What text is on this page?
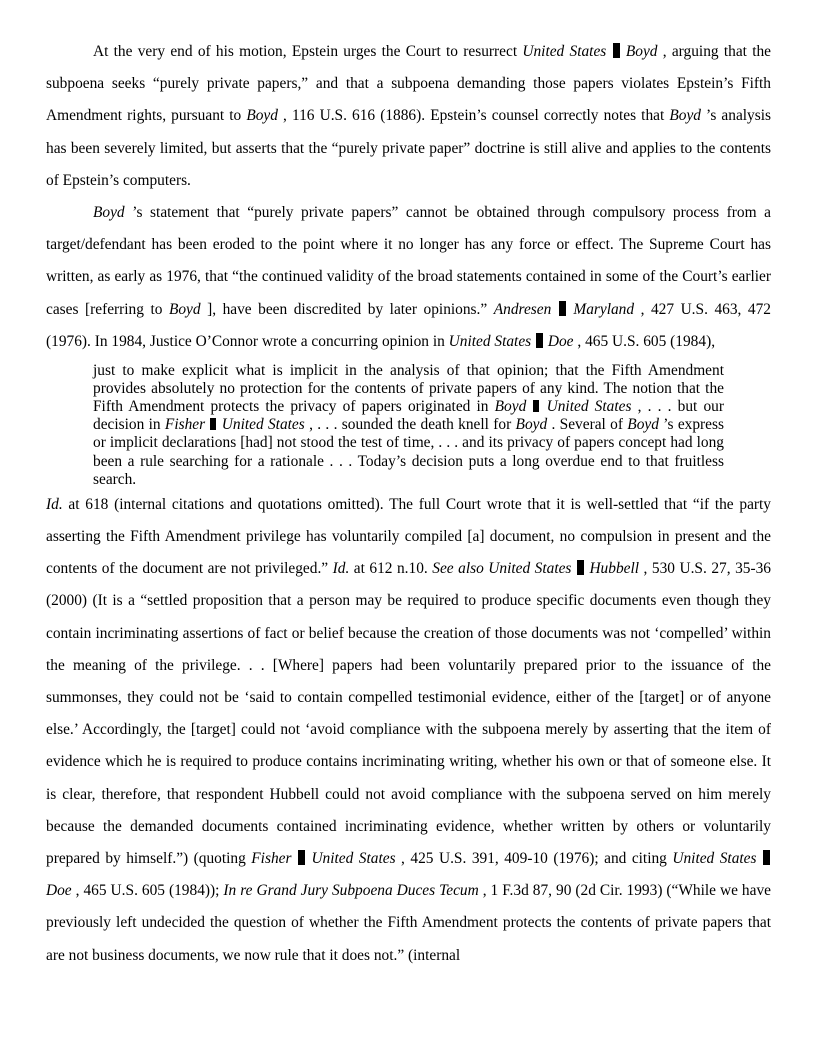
At the very end of his motion, Epstein urges the Court to resurrect United States Boyd , arguing that the subpoena seeks “purely private papers,” and that a subpoena demanding those papers violates Epstein’s Fifth Amendment rights, pursuant to Boyd , 116 U.S. 616 (1886). Epstein’s counsel correctly notes that Boyd ’s analysis has been severely limited, but asserts that the “purely private paper” doctrine is still alive and applies to the contents of Epstein’s computers.

Boyd ’s statement that “purely private papers” cannot be obtained through compulsory process from a target/defendant has been eroded to the point where it no longer has any force or effect. The Supreme Court has written, as early as 1976, that “the continued validity of the broad statements contained in some of the Court’s earlier cases [referring to Boyd ], have been discredited by later opinions.” Andresen Maryland , 427 U.S. 463, 472 (1976). In 1984, Justice O’Connor wrote a concurring opinion in United States Doe , 465 U.S. 605 (1984),

just to make explicit what is implicit in the analysis of that opinion; that the Fifth Amendment provides absolutely no protection for the contents of private papers of any kind. The notion that the Fifth Amendment protects the privacy of papers originated in Boyd United States , . . . but our decision in Fisher United States , . . . sounded the death knell for Boyd . Several of Boyd ’s express or implicit declarations [had] not stood the test of time, . . . and its privacy of papers concept had long been a rule searching for a rationale . . . Today’s decision puts a long overdue end to that fruitless search.

Id. at 618 (internal citations and quotations omitted). The full Court wrote that it is well-settled that “if the party asserting the Fifth Amendment privilege has voluntarily compiled [a] document, no compulsion in present and the contents of the document are not privileged.” Id. at 612 n.10. See also United States Hubbell , 530 U.S. 27, 35-36 (2000) (It is a “settled proposition that a person may be required to produce specific documents even though they contain incriminating assertions of fact or belief because the creation of those documents was not ‘compelled’ within the meaning of the privilege. . . [Where] papers had been voluntarily prepared prior to the issuance of the summonses, they could not be ‘said to contain compelled testimonial evidence, either of the [target] or of anyone else.’ Accordingly, the [target] could not ‘avoid compliance with the subpoena merely by asserting that the item of evidence which he is required to produce contains incriminating writing, whether his own or that of someone else. It is clear, therefore, that respondent Hubbell could not avoid compliance with the subpoena served on him merely because the demanded documents contained incriminating evidence, whether written by others or voluntarily prepared by himself.”) (quoting Fisher United States , 425 U.S. 391, 409-10 (1976); and citing United States  Doe , 465 U.S. 605 (1984)); In re Grand Jury Subpoena Duces Tecum , 1 F.3d 87, 90 (2d Cir. 1993) (“While we have previously left undecided the question of whether the Fifth Amendment protects the contents of private papers that are not business documents, we now rule that it does not.” (internal
